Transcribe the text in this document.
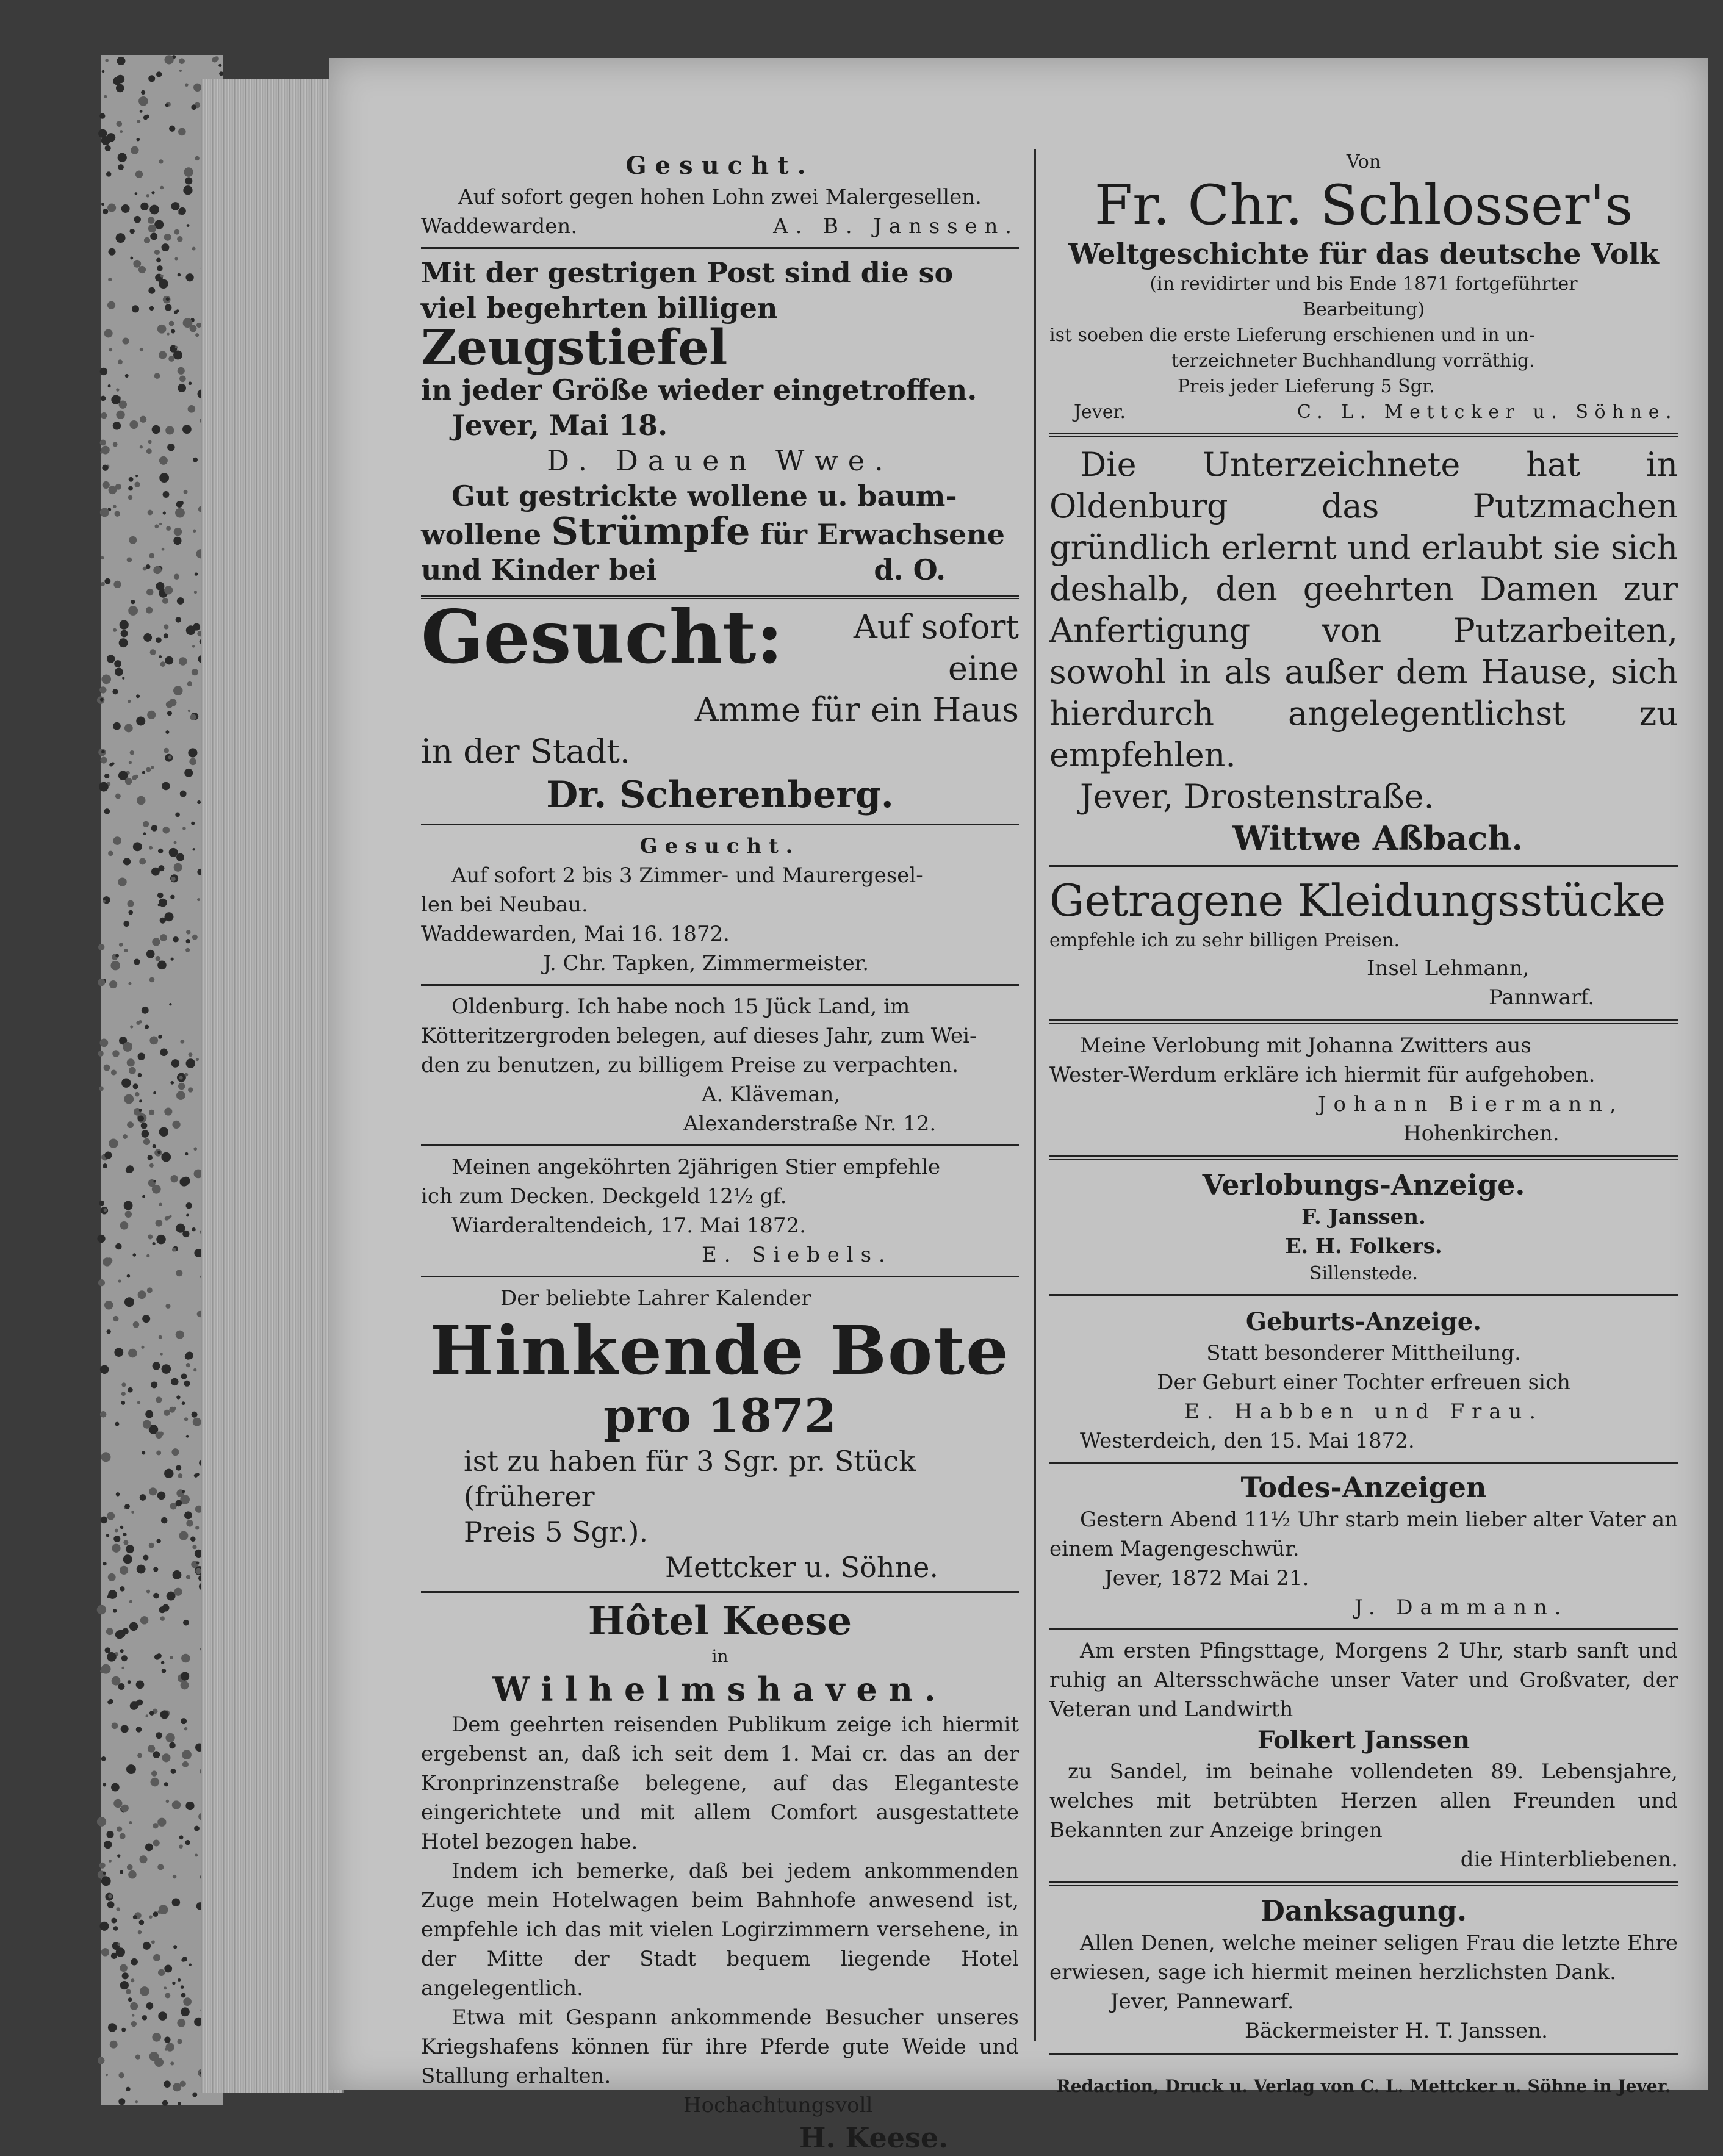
Gesucht.

Auf sofort gegen hohen Lohn zwei Malergesellen.

Waddewarden.	A. B. Janssen.

Mit der gestrigen Post sind die so

viel begehrten billigen Zeugstiefel

in jeder Größe wieder eingetroffen.

Jever, Mai 18.

D. Dauen Wwe.

Gut gestrickte wollene u. baum-

wollene Strümpfe für Erwachsene

und Kinder bei	d. O.
Gesucht:	Auf sofort eine

Amme für ein Haus

in der Stadt.

Dr. Scherenberg.

Gesucht.

Auf sofort 2 bis 3 Zimmer- und Maurergesel-

len bei Neubau.

Waddewarden, Mai 16. 1872.

J. Chr. Tapken, Zimmermeister.

Oldenburg. Ich habe noch 15 Jück Land, im

Kötteritzergroden belegen, auf dieses Jahr, zum Wei-

den zu benutzen, zu billigem Preise zu verpachten.

A. Kläveman,

Alexanderstraße Nr. 12.

Meinen angeköhrten 2jährigen Stier empfehle

ich zum Decken. Deckgeld 12½ gf.

Wiarderaltendeich, 17. Mai 1872.

E. Siebels.

Der beliebte Lahrer Kalender

Hinkende Bote

pro 1872

ist zu haben für 3 Sgr. pr. Stück (früherer

Preis 5 Sgr.).

Mettcker u. Söhne.

Hôtel Keese

in

Wilhelmshaven.

Dem geehrten reisenden Publikum zeige ich hiermit ergebenst an, daß ich seit dem 1. Mai cr. das an der Kronprinzenstraße belegene, auf das Eleganteste eingerichtete und mit allem Comfort ausgestattete Hotel bezogen habe.

Indem ich bemerke, daß bei jedem ankommenden Zuge mein Hotelwagen beim Bahnhofe anwesend ist, empfehle ich das mit vielen Logirzimmern versehene, in der Mitte der Stadt bequem liegende Hotel angelegentlich.

Etwa mit Gespann ankommende Besucher unseres Kriegshafens können für ihre Pferde gute Weide und Stallung erhalten.

Hochachtungsvoll

H. Keese.

Von

Fr. Chr. Schlosser's

Weltgeschichte für das deutsche Volk

(in revidirter und bis Ende 1871 fortgeführter

Bearbeitung)

ist soeben die erste Lieferung erschienen und in un-

terzeichneter Buchhandlung vorräthig.

Preis jeder Lieferung 5 Sgr.

Jever.	C. L. Mettcker u. Söhne.

Die Unterzeichnete hat in Oldenburg das Putzmachen gründlich erlernt und erlaubt sie sich deshalb, den geehrten Damen zur Anfertigung von Putzarbeiten, sowohl in als außer dem Hause, sich hierdurch angelegentlichst zu empfehlen.

Jever, Drostenstraße.

Wittwe Aßbach.

Getragene Kleidungsstücke

empfehle ich zu sehr billigen Preisen.

Insel Lehmann,

Pannwarf.

Meine Verlobung mit Johanna Zwitters aus

Wester-Werdum erkläre ich hiermit für aufgehoben.

Johann Biermann,

Hohenkirchen.

Verlobungs-Anzeige.

F. Janssen.

E. H. Folkers.

Sillenstede.

Geburts-Anzeige.

Statt besonderer Mittheilung.

Der Geburt einer Tochter erfreuen sich

E. Habben und Frau.

Westerdeich, den 15. Mai 1872.

Todes-Anzeigen

Gestern Abend 11½ Uhr starb mein lieber alter Vater an einem Magengeschwür.

Jever, 1872 Mai 21.

J. Dammann.

Am ersten Pfingsttage, Morgens 2 Uhr, starb sanft und ruhig an Altersschwäche unser Vater und Großvater, der Veteran und Landwirth

Folkert Janssen

zu Sandel, im beinahe vollendeten 89. Lebensjahre, welches mit betrübten Herzen allen Freunden und Bekannten zur Anzeige bringen

die Hinterbliebenen.

Danksagung.

Allen Denen, welche meiner seligen Frau die letzte Ehre erwiesen, sage ich hiermit meinen herzlichsten Dank.

Jever, Pannewarf.

Bäckermeister H. T. Janssen.

Redaction, Druck u. Verlag von C. L. Mettcker u. Söhne in Jever.
